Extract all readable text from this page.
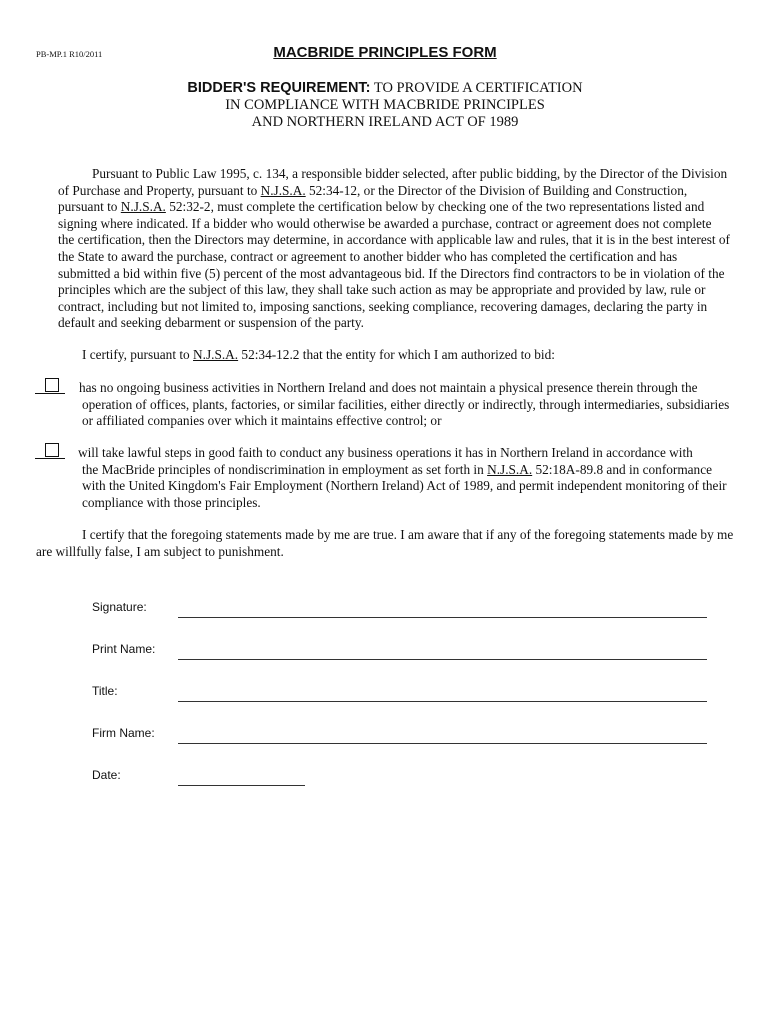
PB-MP.1 R10/2011	MACBRIDE PRINCIPLES FORM
BIDDER'S REQUIREMENT: TO PROVIDE A CERTIFICATION
IN COMPLIANCE WITH MACBRIDE PRINCIPLES
AND NORTHERN IRELAND ACT OF 1989
Pursuant to Public Law 1995, c. 134, a responsible bidder selected, after public bidding, by the Director of the Division of Purchase and Property, pursuant to N.J.S.A. 52:34-12, or the Director of the Division of Building and Construction, pursuant to N.J.S.A. 52:32-2, must complete the certification below by checking one of the two representations listed and signing where indicated. If a bidder who would otherwise be awarded a purchase, contract or agreement does not complete the certification, then the Directors may determine, in accordance with applicable law and rules, that it is in the best interest of the State to award the purchase, contract or agreement to another bidder who has completed the certification and has submitted a bid within five (5) percent of the most advantageous bid. If the Directors find contractors to be in violation of the principles which are the subject of this law, they shall take such action as may be appropriate and provided by law, rule or contract, including but not limited to, imposing sanctions, seeking compliance, recovering damages, declaring the party in default and seeking debarment or suspension of the party.
I certify, pursuant to N.J.S.A. 52:34-12.2 that the entity for which I am authorized to bid:
has no ongoing business activities in Northern Ireland and does not maintain a physical presence therein through the
operation of offices, plants, factories, or similar facilities, either directly or indirectly, through intermediaries, subsidiaries or affiliated companies over which it maintains effective control; or
will take lawful steps in good faith to conduct any business operations it has in Northern Ireland in accordance with
the MacBride principles of nondiscrimination in employment as set forth in N.J.S.A. 52:18A-89.8 and in conformance with the United Kingdom's Fair Employment (Northern Ireland) Act of 1989, and permit independent monitoring of their compliance with those principles.
I certify that the foregoing statements made by me are true. I am aware that if any of the foregoing statements made by me are willfully false, I am subject to punishment.
Signature:
Print Name:
Title:
Firm Name:
Date:
